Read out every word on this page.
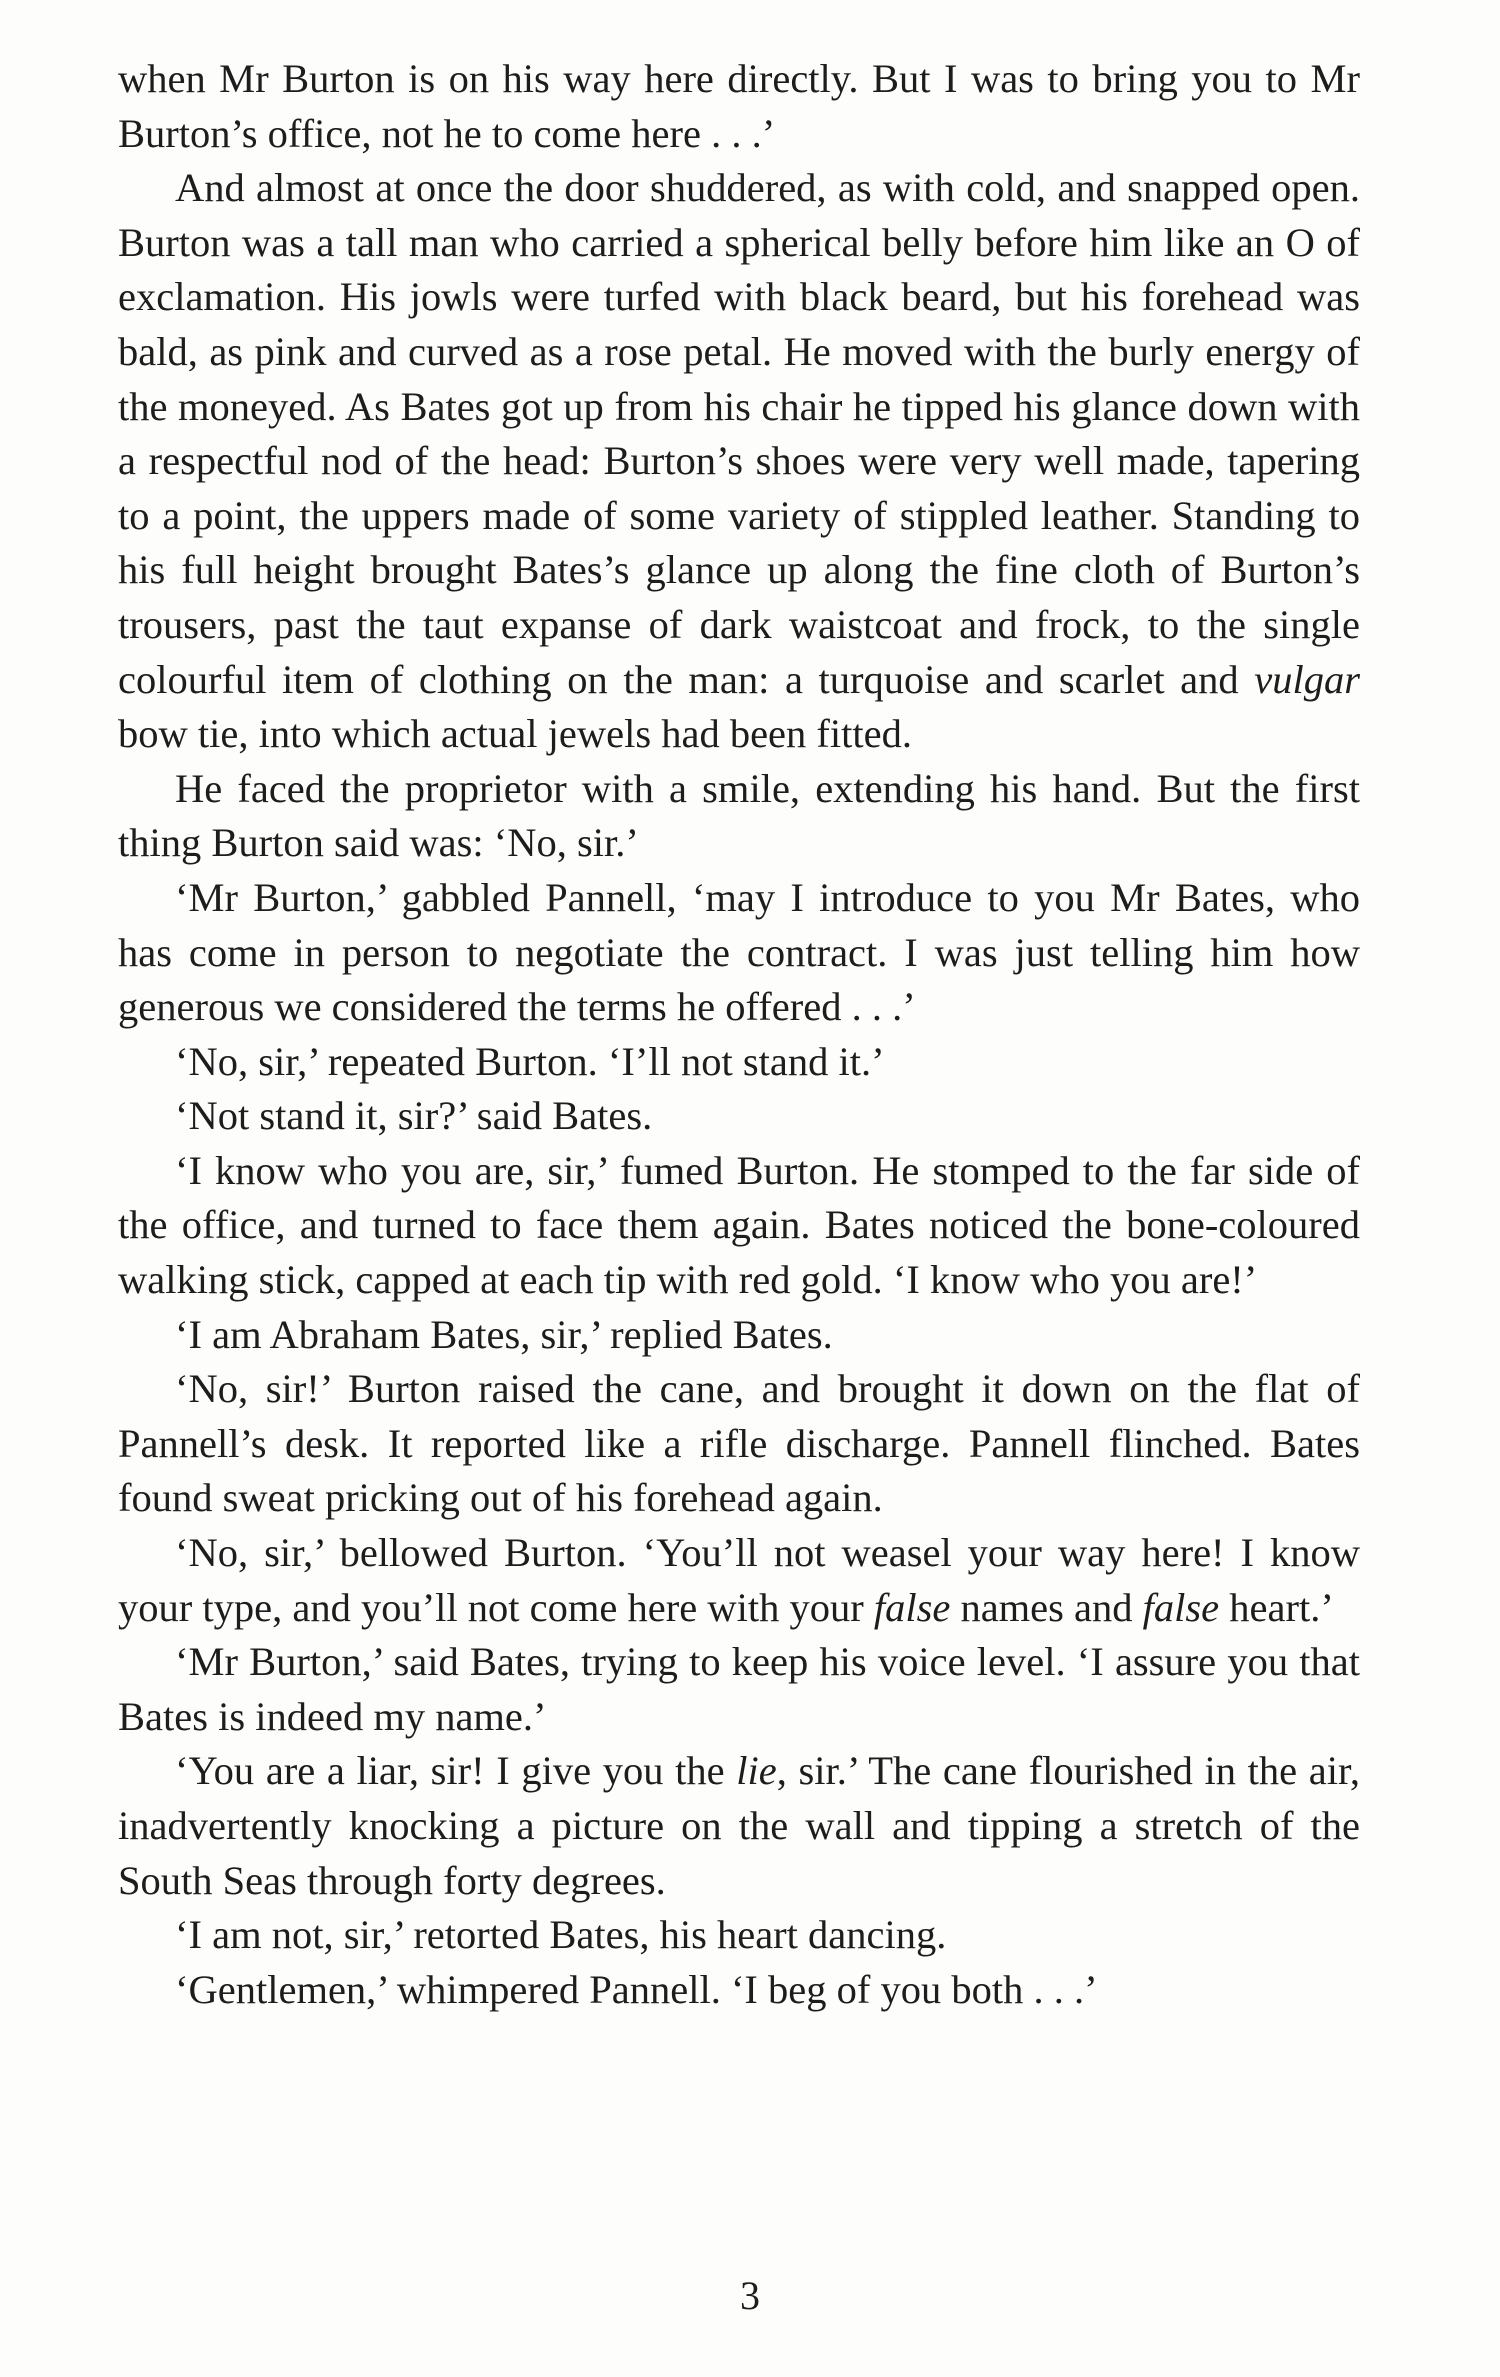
when Mr Burton is on his way here directly. But I was to bring you to Mr Burton’s office, not he to come here . . .’

And almost at once the door shuddered, as with cold, and snapped open. Burton was a tall man who carried a spherical belly before him like an O of exclamation. His jowls were turfed with black beard, but his forehead was bald, as pink and curved as a rose petal. He moved with the burly energy of the moneyed. As Bates got up from his chair he tipped his glance down with a respectful nod of the head: Burton’s shoes were very well made, tapering to a point, the uppers made of some variety of stippled leather. Standing to his full height brought Bates’s glance up along the fine cloth of Burton’s trousers, past the taut expanse of dark waistcoat and frock, to the single colourful item of clothing on the man: a turquoise and scarlet and vulgar bow tie, into which actual jewels had been fitted.

He faced the proprietor with a smile, extending his hand. But the first thing Burton said was: ‘No, sir.’

‘Mr Burton,’ gabbled Pannell, ‘may I introduce to you Mr Bates, who has come in person to negotiate the contract. I was just telling him how generous we considered the terms he offered . . .’

‘No, sir,’ repeated Burton. ‘I’ll not stand it.’

‘Not stand it, sir?’ said Bates.

‘I know who you are, sir,’ fumed Burton. He stomped to the far side of the office, and turned to face them again. Bates noticed the bone-coloured walking stick, capped at each tip with red gold. ‘I know who you are!’

‘I am Abraham Bates, sir,’ replied Bates.

‘No, sir!’ Burton raised the cane, and brought it down on the flat of Pannell’s desk. It reported like a rifle discharge. Pannell flinched. Bates found sweat pricking out of his forehead again.

‘No, sir,’ bellowed Burton. ‘You’ll not weasel your way here! I know your type, and you’ll not come here with your false names and false heart.’

‘Mr Burton,’ said Bates, trying to keep his voice level. ‘I assure you that Bates is indeed my name.’

‘You are a liar, sir! I give you the lie, sir.’ The cane flourished in the air, inadvertently knocking a picture on the wall and tipping a stretch of the South Seas through forty degrees.

‘I am not, sir,’ retorted Bates, his heart dancing.

‘Gentlemen,’ whimpered Pannell. ‘I beg of you both . . .’

3
